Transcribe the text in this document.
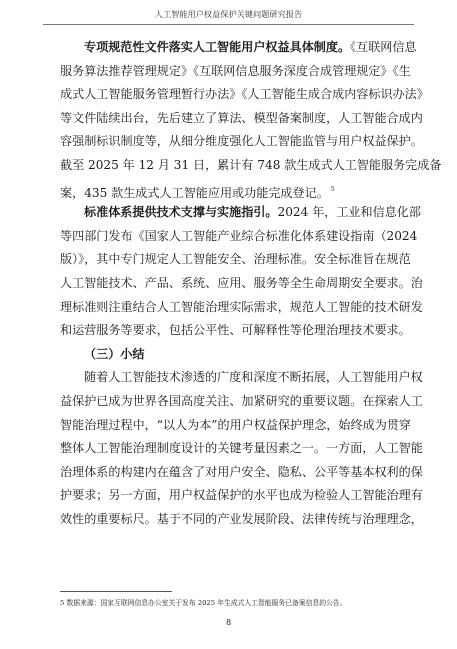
人工智能用户权益保护关键问题研究报告
专项规范性文件落实人工智能用户权益具体制度。《互联网信息
服务算法推荐管理规定》《互联网信息服务深度合成管理规定》《生
成式人工智能服务管理暂行办法》《人工智能生成合成内容标识办法》
等文件陆续出台，先后建立了算法、模型备案制度，人工智能合成内
容强制标识制度等，从细分维度强化人工智能监管与用户权益保护。
截至 2025 年 12 月 31 日，累计有 748 款生成式人工智能服务完成备
案，435 款生成式人工智能应用或功能完成登记。 $^5$
标准体系提供技术支撑与实施指引。2024 年，工业和信息化部
等四部门发布《国家人工智能产业综合标准化体系建设指南（2024
版）》，其中专门规定人工智能安全、治理标准。安全标准旨在规范
人工智能技术、产品、系统、应用、服务等全生命周期安全要求。治
理标准则注重结合人工智能治理实际需求，规范人工智能的技术研发
和运营服务等要求，包括公平性、可解释性等伦理治理技术要求。
（三）小结
随着人工智能技术渗透的广度和深度不断拓展，人工智能用户权
益保护已成为世界各国高度关注、加紧研究的重要议题。在探索人工
智能治理过程中，“以人为本”的用户权益保护理念，始终成为贯穿
整体人工智能治理制度设计的关键考量因素之一。一方面，人工智能
治理体系的构建内在蕴含了对用户安全、隐私、公平等基本权利的保
护要求；另一方面，用户权益保护的水平也成为检验人工智能治理有
效性的重要标尺。基于不同的产业发展阶段、法律传统与治理理念，
5 数据来源：国家互联网信息办公室关于发布 2025 年生成式人工智能服务已备案信息的公告。
8
